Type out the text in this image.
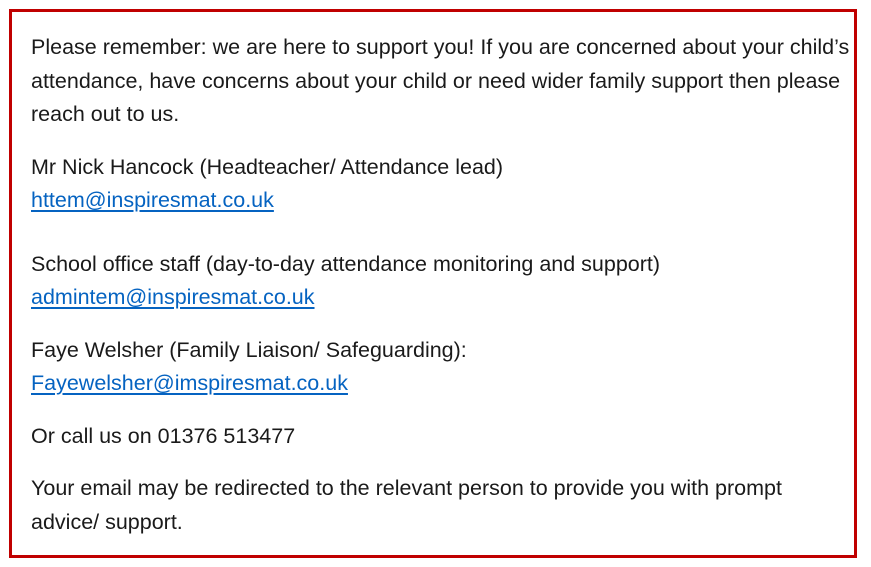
Please remember: we are here to support you! If you are concerned about your child’s attendance, have concerns about your child or need wider family support then please reach out to us.

Mr Nick Hancock (Headteacher/ Attendance lead)

httem@inspiresmat.co.uk

School office staff (day-to-day attendance monitoring and support)

admintem@inspiresmat.co.uk

Faye Welsher (Family Liaison/ Safeguarding):

Fayewelsher@imspiresmat.co.uk

Or call us on 01376 513477

Your email may be redirected to the relevant person to provide you with prompt advice/ support.
